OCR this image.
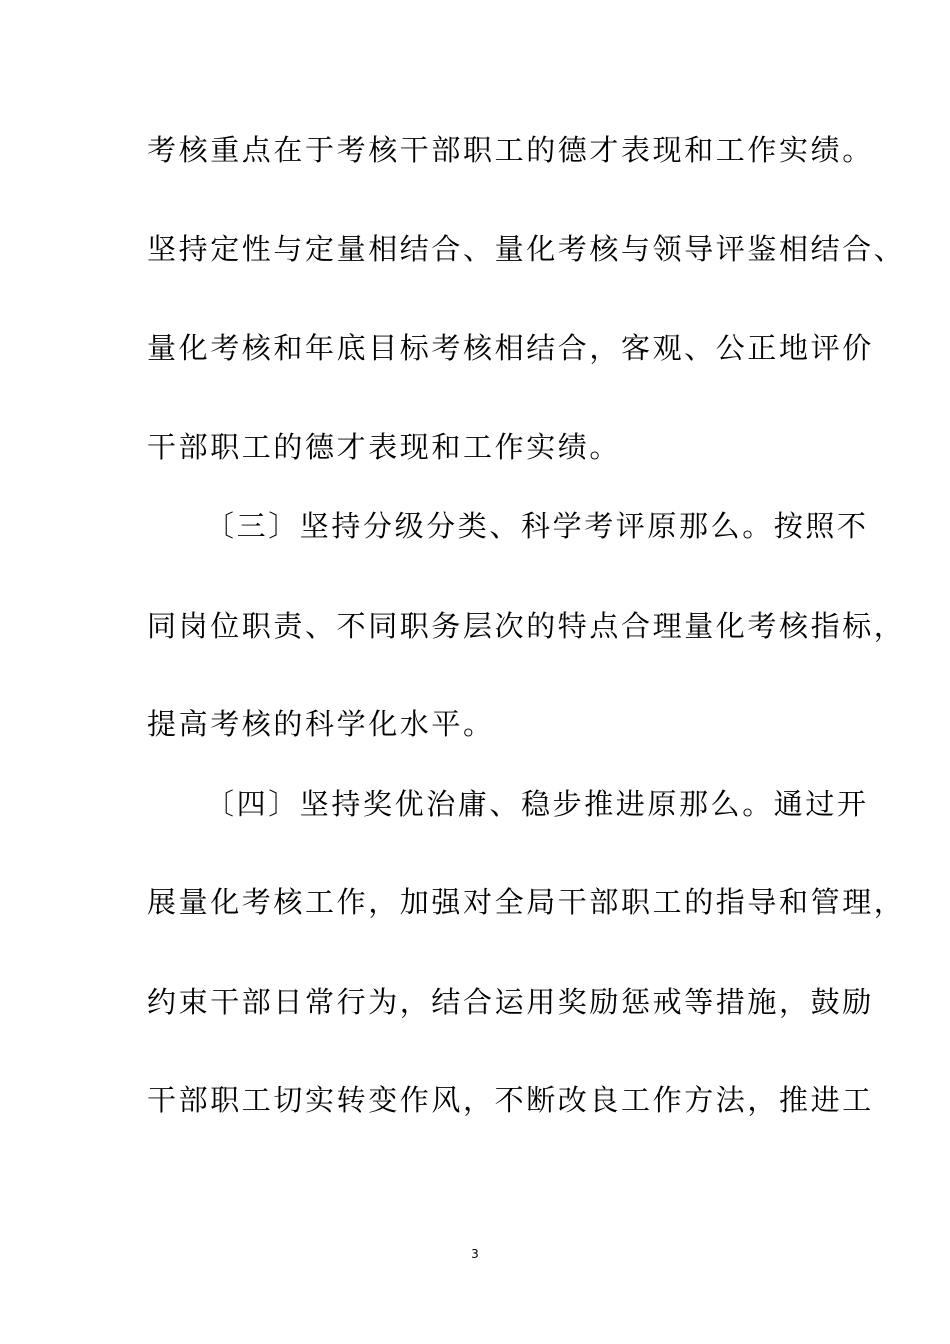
考核重点在于考核干部职工的德才表现和工作实绩。
坚持定性与定量相结合、量化考核与领导评鉴相结合、
量化考核和年底目标考核相结合，客观、公正地评价
干部职工的德才表现和工作实绩。
〔三〕坚持分级分类、科学考评原那么。按照不
同岗位职责、不同职务层次的特点合理量化考核指标，
提高考核的科学化水平。
〔四〕坚持奖优治庸、稳步推进原那么。通过开
展量化考核工作，加强对全局干部职工的指导和管理，
约束干部日常行为，结合运用奖励惩戒等措施，鼓励
干部职工切实转变作风，不断改良工作方法，推进工
3
